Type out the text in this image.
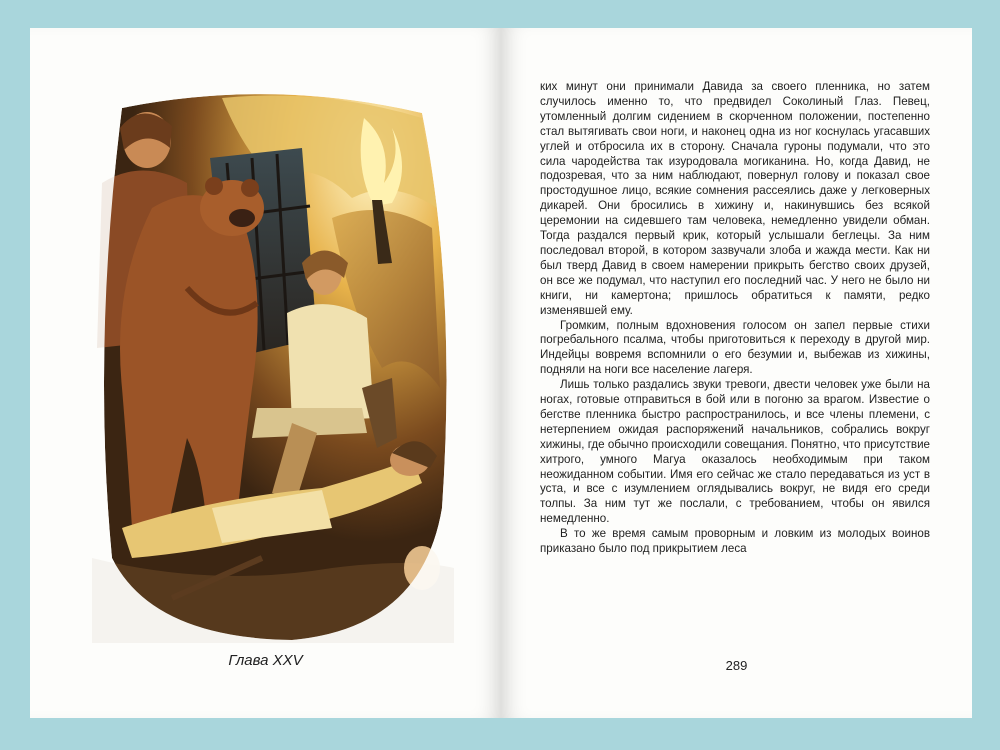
Глава XXV

ких минут они принимали Давида за своего пленника, но затем случилось именно то, что предвидел Соколиный Глаз. Певец, утомленный долгим сидением в скорченном положении, постепенно стал вытягивать свои ноги, и наконец одна из ног коснулась угасавших углей и отбросила их в сторону. Сначала гуроны подумали, что это сила чародейства так изуродовала могиканина. Но, когда Давид, не подозревая, что за ним наблюдают, повернул голову и показал свое простодушное лицо, всякие сомнения рассеялись даже у легковерных дикарей. Они бросились в хижину и, накинувшись без всякой церемонии на сидевшего там человека, немедленно увидели обман. Тогда раздался первый крик, который услышали беглецы. За ним последовал второй, в котором зазвучали злоба и жажда мести. Как ни был тверд Давид в своем намерении прикрыть бегство своих друзей, он все же подумал, что наступил его последний час. У него не было ни книги, ни камертона; пришлось обратиться к памяти, редко изменявшей ему.

Громким, полным вдохновения голосом он запел первые стихи погребального псалма, чтобы приготовиться к переходу в другой мир. Индейцы вовремя вспомнили о его безумии и, выбежав из хижины, подняли на ноги все население лагеря.

Лишь только раздались звуки тревоги, двести человек уже были на ногах, готовые отправиться в бой или в погоню за врагом. Известие о бегстве пленника быстро распространилось, и все члены племени, с нетерпением ожидая распоряжений начальников, собрались вокруг хижины, где обычно происходили совещания. Понятно, что присутствие хитрого, умного Магуа оказалось необходимым при таком неожиданном событии. Имя его сейчас же стало передаваться из уст в уста, и все с изумлением оглядывались вокруг, не видя его среди толпы. За ним тут же послали, с требованием, чтобы он явился немедленно.

В то же время самым проворным и ловким из молодых воинов приказано было под прикрытием леса

289
